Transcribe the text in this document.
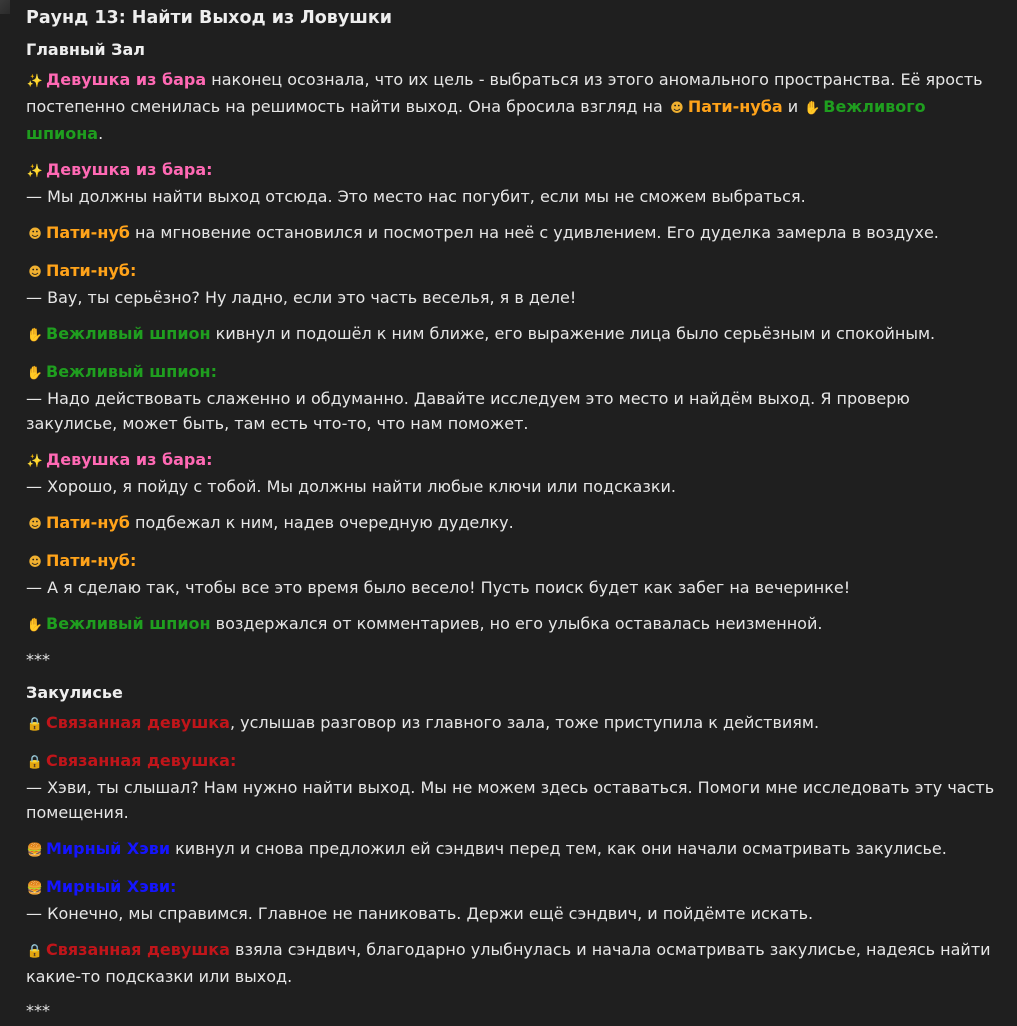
Раунд 13: Найти Выход из Ловушки
Главный Зал

✨ Девушка из бара наконец осознала, что их цель - выбраться из этого аномального пространства. Её ярость постепенно сменилась на решимость найти выход. Она бросила взгляд на ☻ Пати-нуба и ✋ Вежливого шпиона.

✨ Девушка из бара:

— Мы должны найти выход отсюда. Это место нас погубит, если мы не сможем выбраться.

☻ Пати-нуб на мгновение остановился и посмотрел на неё с удивлением. Его дуделка замерла в воздухе.

☻ Пати-нуб:

— Вау, ты серьёзно? Ну ладно, если это часть веселья, я в деле!

✋ Вежливый шпион кивнул и подошёл к ним ближе, его выражение лица было серьёзным и спокойным.

✋ Вежливый шпион:

— Надо действовать слаженно и обдуманно. Давайте исследуем это место и найдём выход. Я проверю закулисье, может быть, там есть что-то, что нам поможет.

✨ Девушка из бара:

— Хорошо, я пойду с тобой. Мы должны найти любые ключи или подсказки.

☻ Пати-нуб подбежал к ним, надев очередную дуделку.

☻ Пати-нуб:

— А я сделаю так, чтобы все это время было весело! Пусть поиск будет как забег на вечеринке!

✋ Вежливый шпион воздержался от комментариев, но его улыбка оставалась неизменной.

***

Закулисье

🔒 Связанная девушка, услышав разговор из главного зала, тоже приступила к действиям.

🔒 Связанная девушка:

— Хэви, ты слышал? Нам нужно найти выход. Мы не можем здесь оставаться. Помоги мне исследовать эту часть помещения.

🍔 Мирный Хэви кивнул и снова предложил ей сэндвич перед тем, как они начали осматривать закулисье.

🍔 Мирный Хэви:

— Конечно, мы справимся. Главное не паниковать. Держи ещё сэндвич, и пойдёмте искать.

🔒 Связанная девушка взяла сэндвич, благодарно улыбнулась и начала осматривать закулисье, надеясь найти какие-то подсказки или выход.

***
